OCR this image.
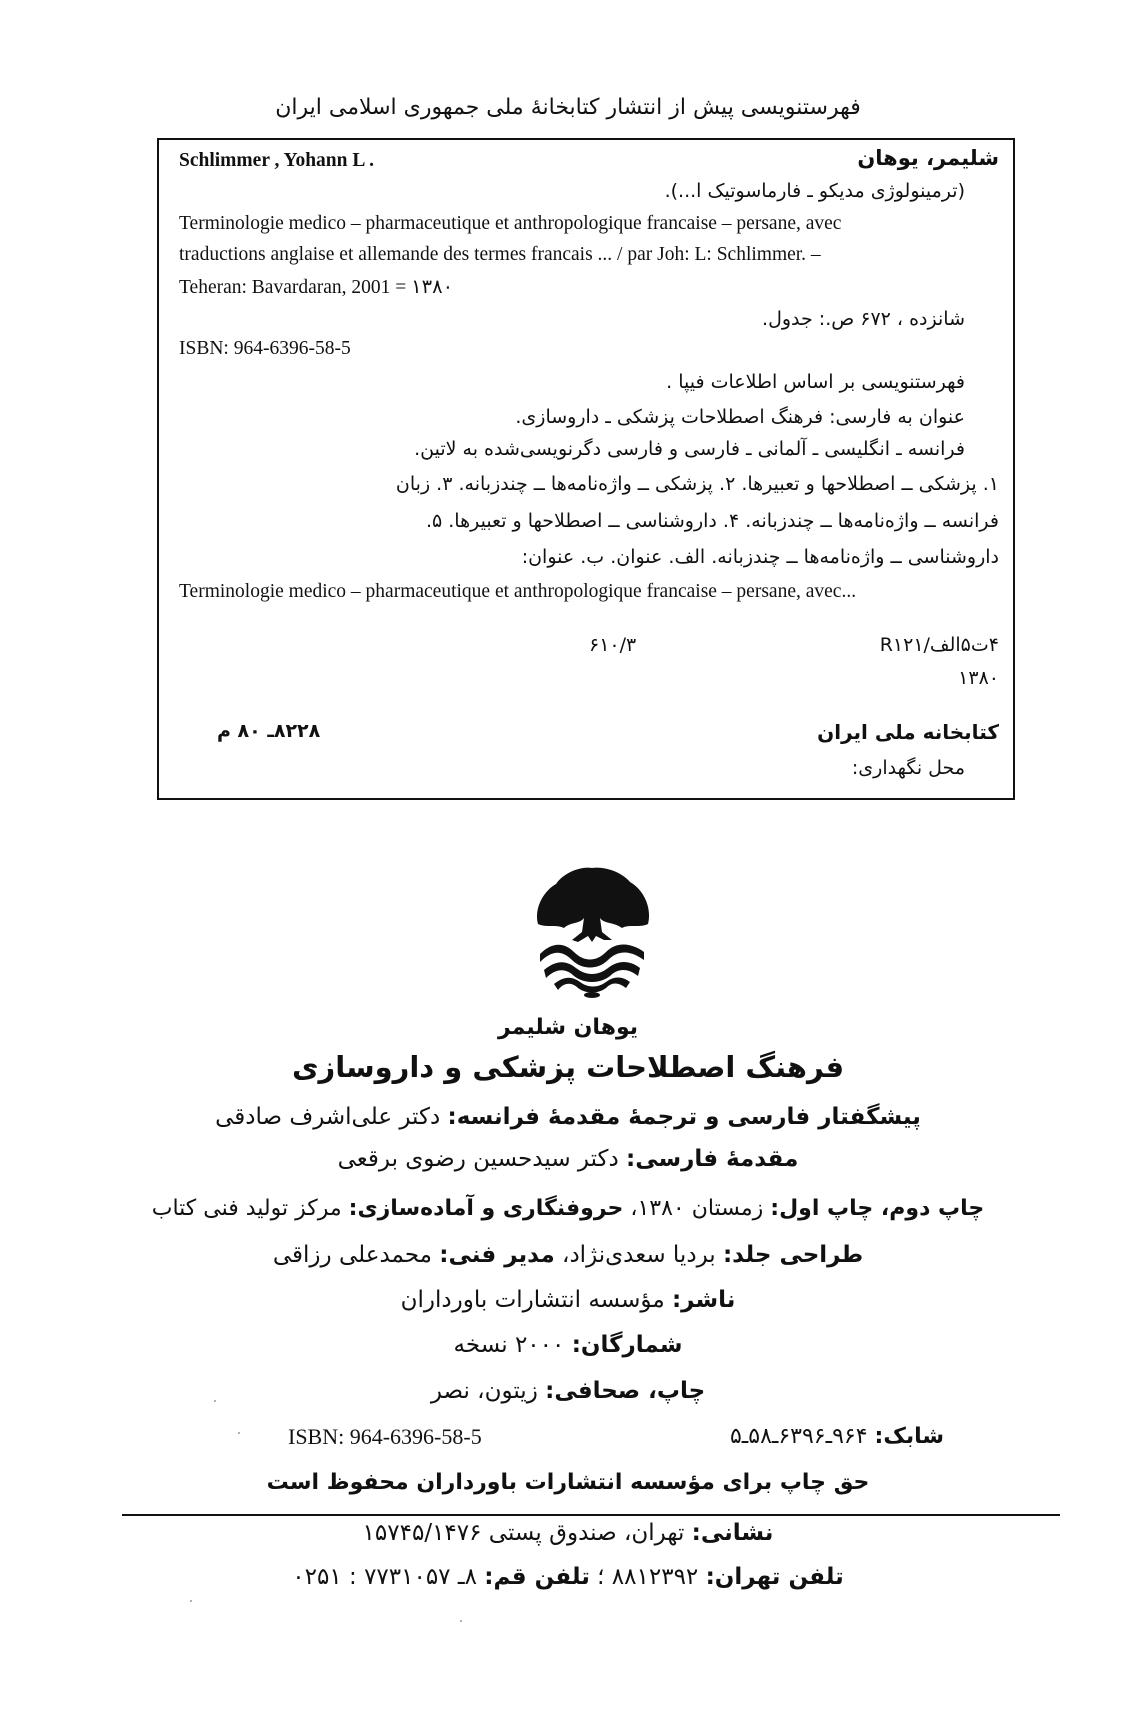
فهرستنویسی پیش از انتشار کتابخانهٔ ملی جمهوری اسلامی ایران
Schlimmer , Yohann L .	شلیمر، یوهان
(ترمینولوژی مدیکو ـ فارماسوتیک ا...).
Terminologie medico ‒ pharmaceutique et anthropologique francaise ‒ persane, avec
traductions anglaise et allemande des termes francais ... / par Joh: L: Schlimmer. ‒
Teheran: Bavardaran, 2001 = ۱۳۸۰
شانزده ، ۶۷۲ ص.: جدول.
ISBN: 964-6396-58-5
فهرستنویسی بر اساس اطلاعات فیپا .
عنوان به فارسی: فرهنگ اصطلاحات پزشکی ـ داروسازی.
فرانسه ـ انگلیسی ـ آلمانی ـ فارسی و فارسی دگرنویسی‌شده به لاتین.
۱. پزشکی ــ اصطلاحها و تعبیرها. ۲. پزشکی ــ واژه‌نامه‌ها ــ چندزبانه. ۳. زبان
فرانسه ــ واژه‌نامه‌ها ــ چندزبانه. ۴. داروشناسی ــ اصطلاحها و تعبیرها. ۵.
داروشناسی ــ واژه‌نامه‌ها ــ چندزبانه. الف. عنوان. ب. عنوان:
Terminologie medico ‒ pharmaceutique et anthropologique francaise ‒ persane, avec...
۴ت۵الف/R۱۲۱
۶۱۰/۳
۱۳۸۰
کتابخانه ملی ایران
۸۲۲۸ـ ۸۰ م
محل نگهداری:
یوهان شلیمر
فرهنگ اصطلاحات پزشکی و داروسازی
پیشگفتار فارسی و ترجمهٔ مقدمهٔ فرانسه: دکتر علی‌اشرف صادقی
مقدمهٔ فارسی: دکتر سیدحسین رضوی برقعی
چاپ دوم، چاپ اول: زمستان ۱۳۸۰، حروفنگاری و آماده‌سازی: مرکز تولید فنی کتاب
طراحی جلد: بردیا سعدی‌نژاد، مدیر فنی: محمدعلی رزاقی
ناشر: مؤسسه انتشارات باورداران
شمارگان: ۲۰۰۰ نسخه
چاپ، صحافی: زیتون، نصر
شابک: ۹۶۴ـ۶۳۹۶ـ۵۸ـ۵
ISBN: 964-6396-58-5
حق چاپ برای مؤسسه انتشارات باورداران محفوظ است
نشانی: تهران، صندوق پستی ۱۵۷۴۵/۱۴۷۶
تلفن تهران: ۸۸۱۲۳۹۲ ؛ تلفن قم: ۸ـ ۷۷۳۱۰۵۷ : ۰۲۵۱
